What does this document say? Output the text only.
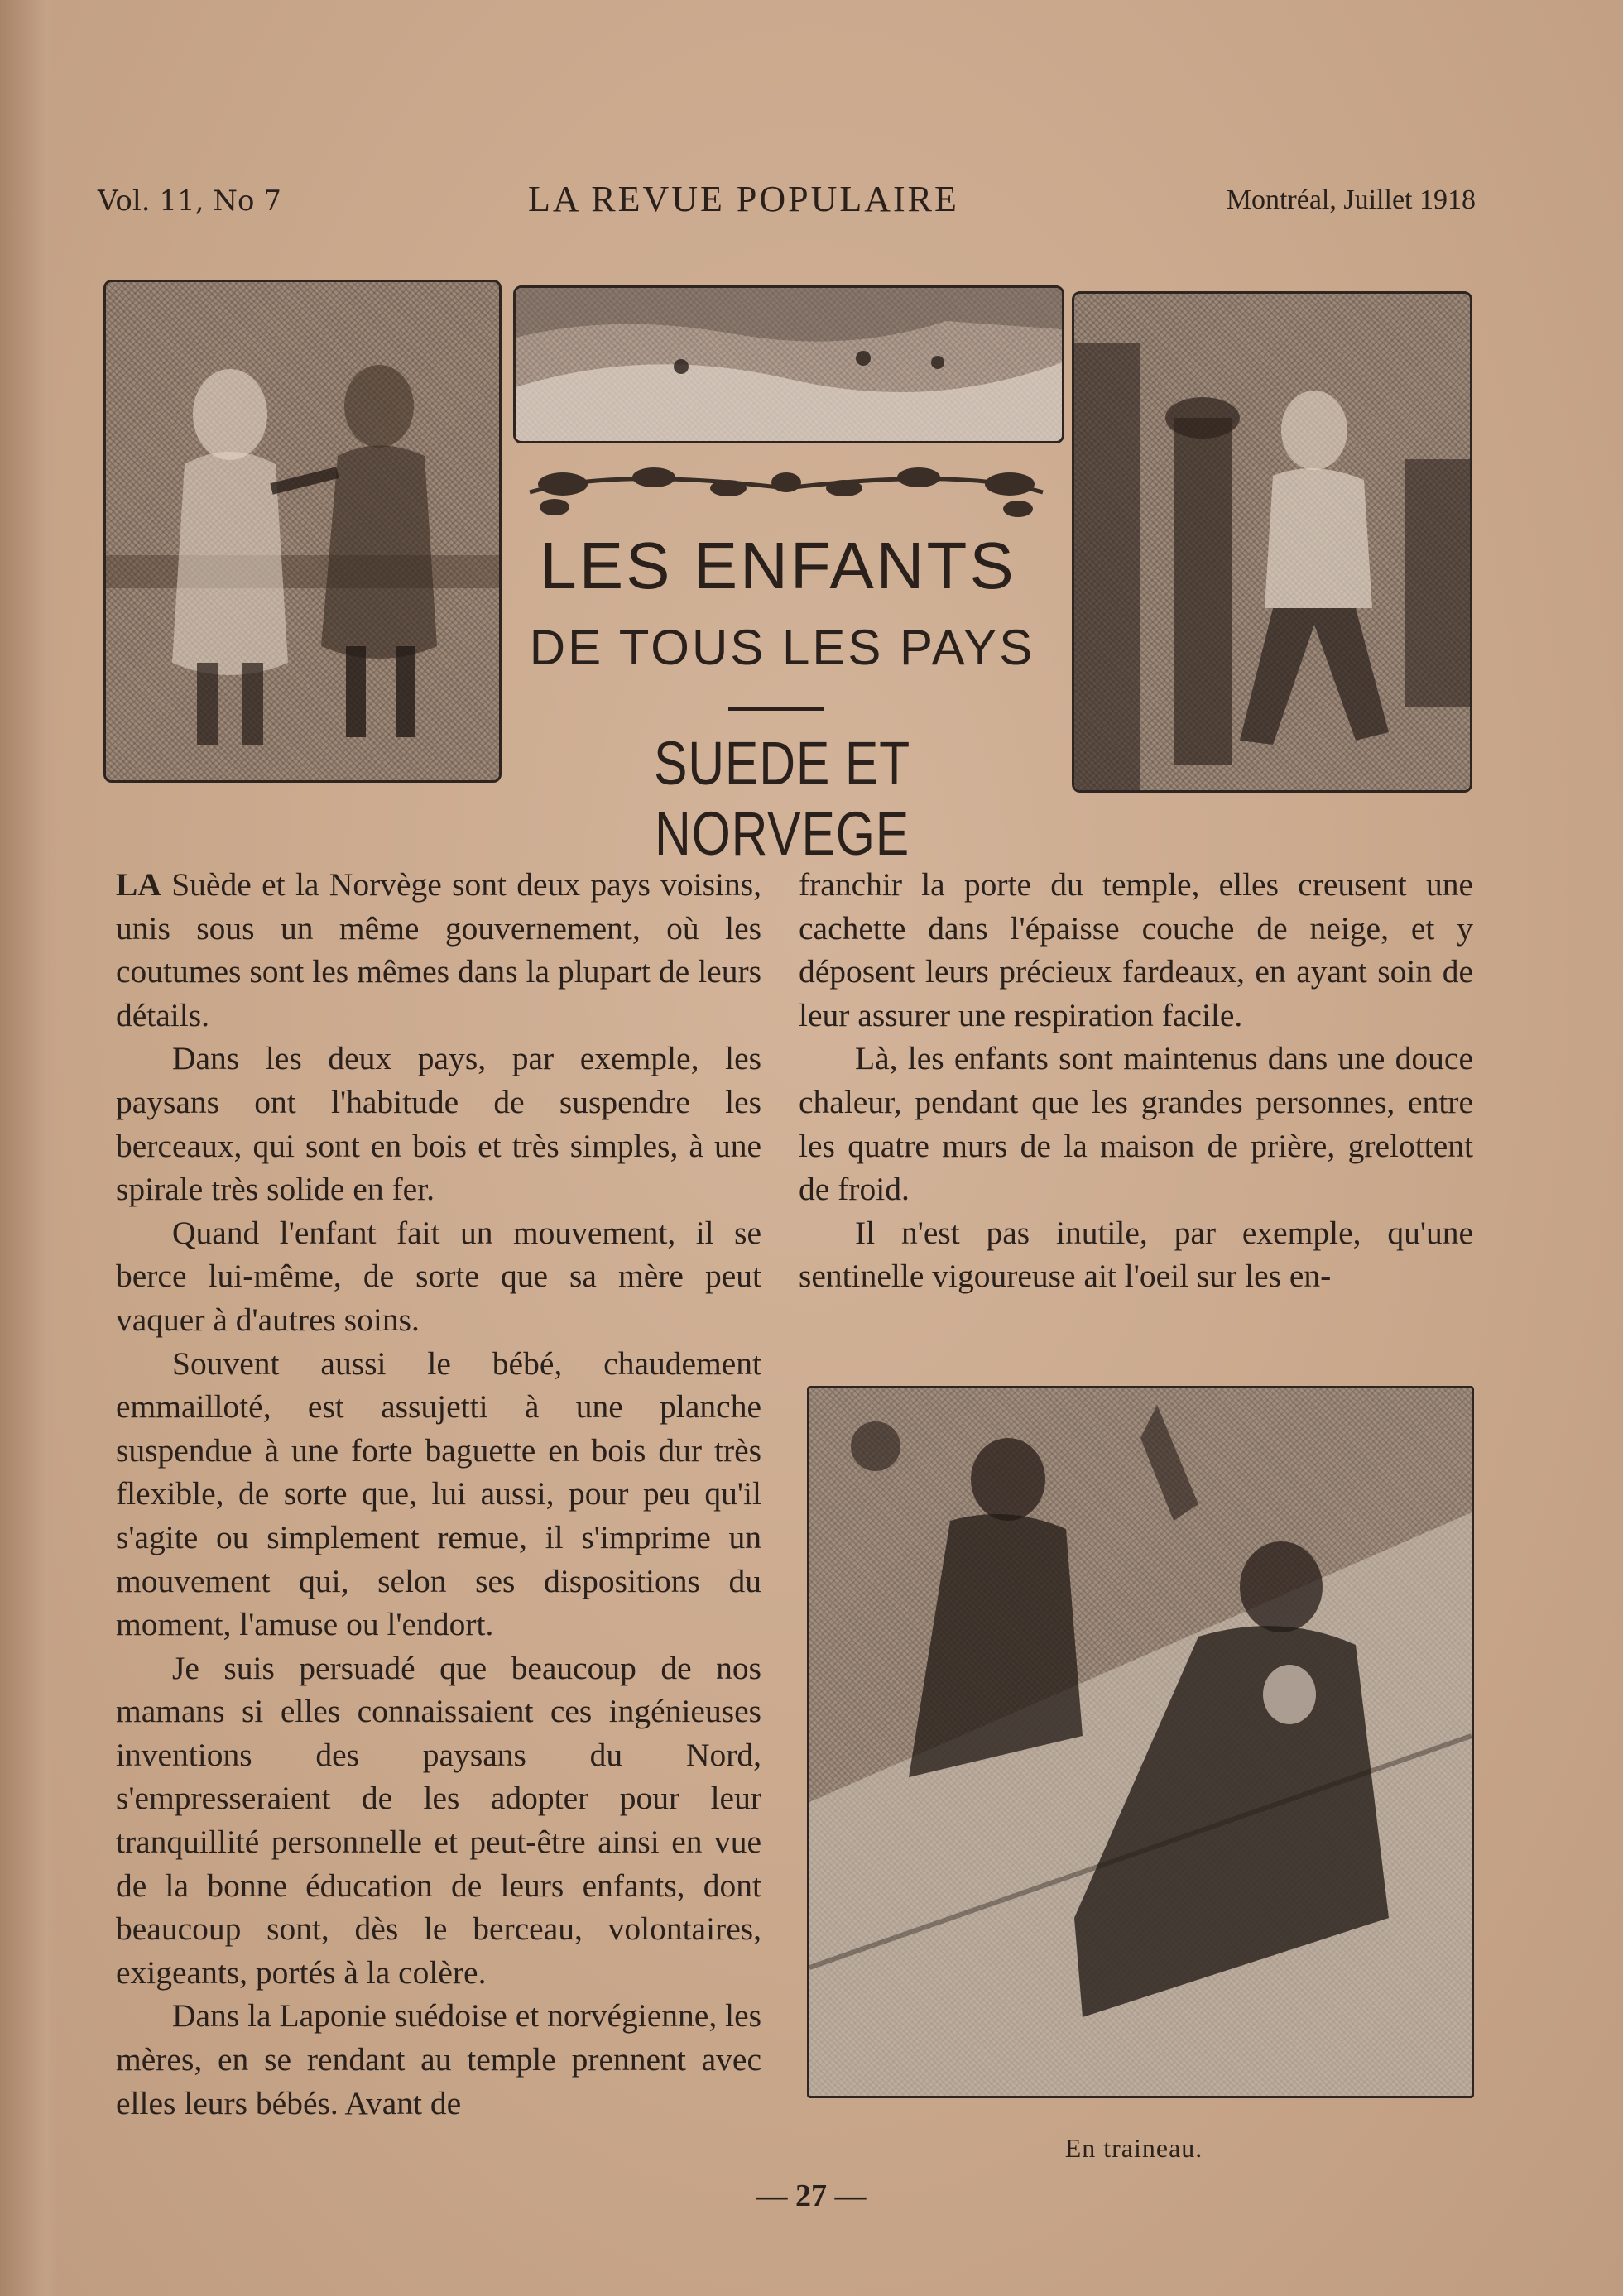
Vol. 11, No 7	LA REVUE POPULAIRE	Montréal, Juillet 1918
LES ENFANTS
DE TOUS LES PAYS
SUEDE ET NORVEGE

LA Suède et la Norvège sont deux pays voisins, unis sous un même gouvernement, où les coutumes sont les mêmes dans la plupart de leurs détails.

Dans les deux pays, par exemple, les paysans ont l'habitude de suspendre les berceaux, qui sont en bois et très simples, à une spirale très solide en fer.

Quand l'enfant fait un mouvement, il se berce lui-même, de sorte que sa mère peut vaquer à d'autres soins.

Souvent aussi le bébé, chaudement emmailloté, est assujetti à une planche suspendue à une forte baguette en bois dur très flexible, de sorte que, lui aussi, pour peu qu'il s'agite ou simplement remue, il s'imprime un mouvement qui, selon ses dispositions du moment, l'amuse ou l'endort.

Je suis persuadé que beaucoup de nos mamans si elles connaissaient ces ingénieuses inventions des paysans du Nord, s'empresseraient de les adopter pour leur tranquillité personnelle et peut-être ainsi en vue de la bonne éducation de leurs enfants, dont beaucoup sont, dès le berceau, volontaires, exigeants, portés à la colère.

Dans la Laponie suédoise et norvégienne, les mères, en se rendant au temple prennent avec elles leurs bébés. Avant de

franchir la porte du temple, elles creusent une cachette dans l'épaisse couche de neige, et y déposent leurs précieux fardeaux, en ayant soin de leur assurer une respiration facile.

Là, les enfants sont maintenus dans une douce chaleur, pendant que les grandes personnes, entre les quatre murs de la maison de prière, grelottent de froid.

Il n'est pas inutile, par exemple, qu'une sentinelle vigoureuse ait l'oeil sur les en-

En traineau.
— 27 —
